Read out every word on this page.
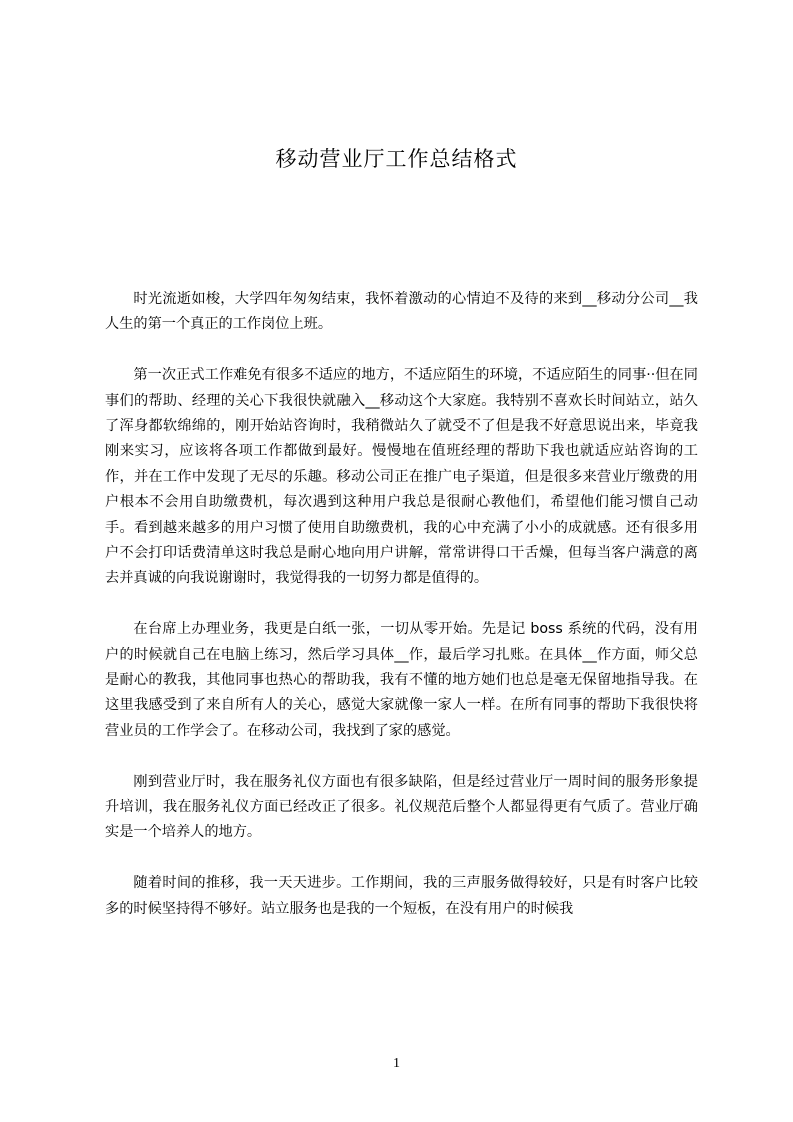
移动营业厅工作总结格式

时光流逝如梭，大学四年匆匆结束，我怀着激动的心情迫不及待的来到__移动分公司__我人生的第一个真正的工作岗位上班。

第一次正式工作难免有很多不适应的地方，不适应陌生的环境，不适应陌生的同事··但在同事们的帮助、经理的关心下我很快就融入__移动这个大家庭。我特别不喜欢长时间站立，站久了浑身都软绵绵的，刚开始站咨询时，我稍微站久了就受不了但是我不好意思说出来，毕竟我刚来实习，应该将各项工作都做到最好。慢慢地在值班经理的帮助下我也就适应站咨询的工作，并在工作中发现了无尽的乐趣。移动公司正在推广电子渠道，但是很多来营业厅缴费的用户根本不会用自助缴费机，每次遇到这种用户我总是很耐心教他们，希望他们能习惯自己动手。看到越来越多的用户习惯了使用自助缴费机，我的心中充满了小小的成就感。还有很多用户不会打印话费清单这时我总是耐心地向用户讲解，常常讲得口干舌燥，但每当客户满意的离去并真诚的向我说谢谢时，我觉得我的一切努力都是值得的。

在台席上办理业务，我更是白纸一张，一切从零开始。先是记 boss 系统的代码，没有用户的时候就自己在电脑上练习，然后学习具体__作，最后学习扎账。在具体__作方面，师父总是耐心的教我，其他同事也热心的帮助我，我有不懂的地方她们也总是毫无保留地指导我。在这里我感受到了来自所有人的关心，感觉大家就像一家人一样。在所有同事的帮助下我很快将营业员的工作学会了。在移动公司，我找到了家的感觉。

刚到营业厅时，我在服务礼仪方面也有很多缺陷，但是经过营业厅一周时间的服务形象提升培训，我在服务礼仪方面已经改正了很多。礼仪规范后整个人都显得更有气质了。营业厅确实是一个培养人的地方。

随着时间的推移，我一天天进步。工作期间，我的三声服务做得较好，只是有时客户比较多的时候坚持得不够好。站立服务也是我的一个短板，在没有用户的时候我

1
